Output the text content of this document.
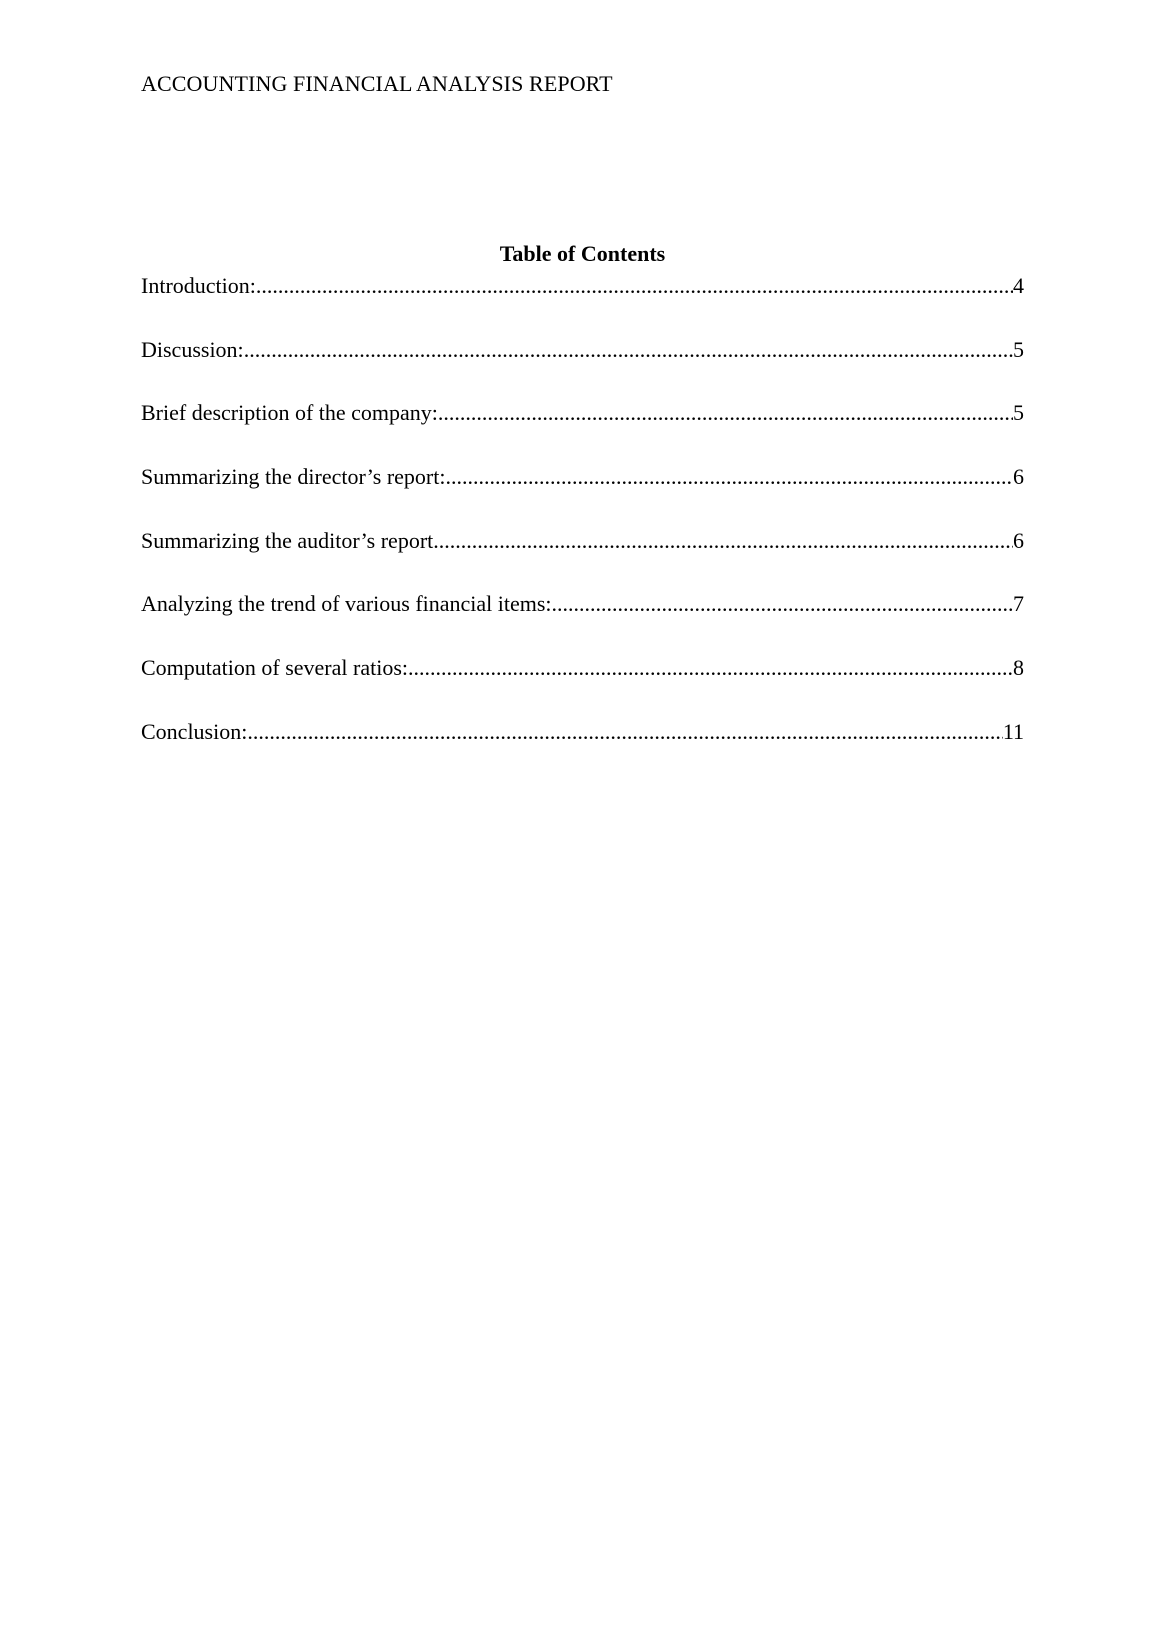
ACCOUNTING FINANCIAL ANALYSIS REPORT
Table of Contents
Introduction: .....	4
Discussion: .....	5
Brief description of the company: .....	5
Summarizing the director’s report: .....	6
Summarizing the auditor’s report .....	6
Analyzing the trend of various financial items: .....	7
Computation of several ratios: .....	8
Conclusion: .....	11
